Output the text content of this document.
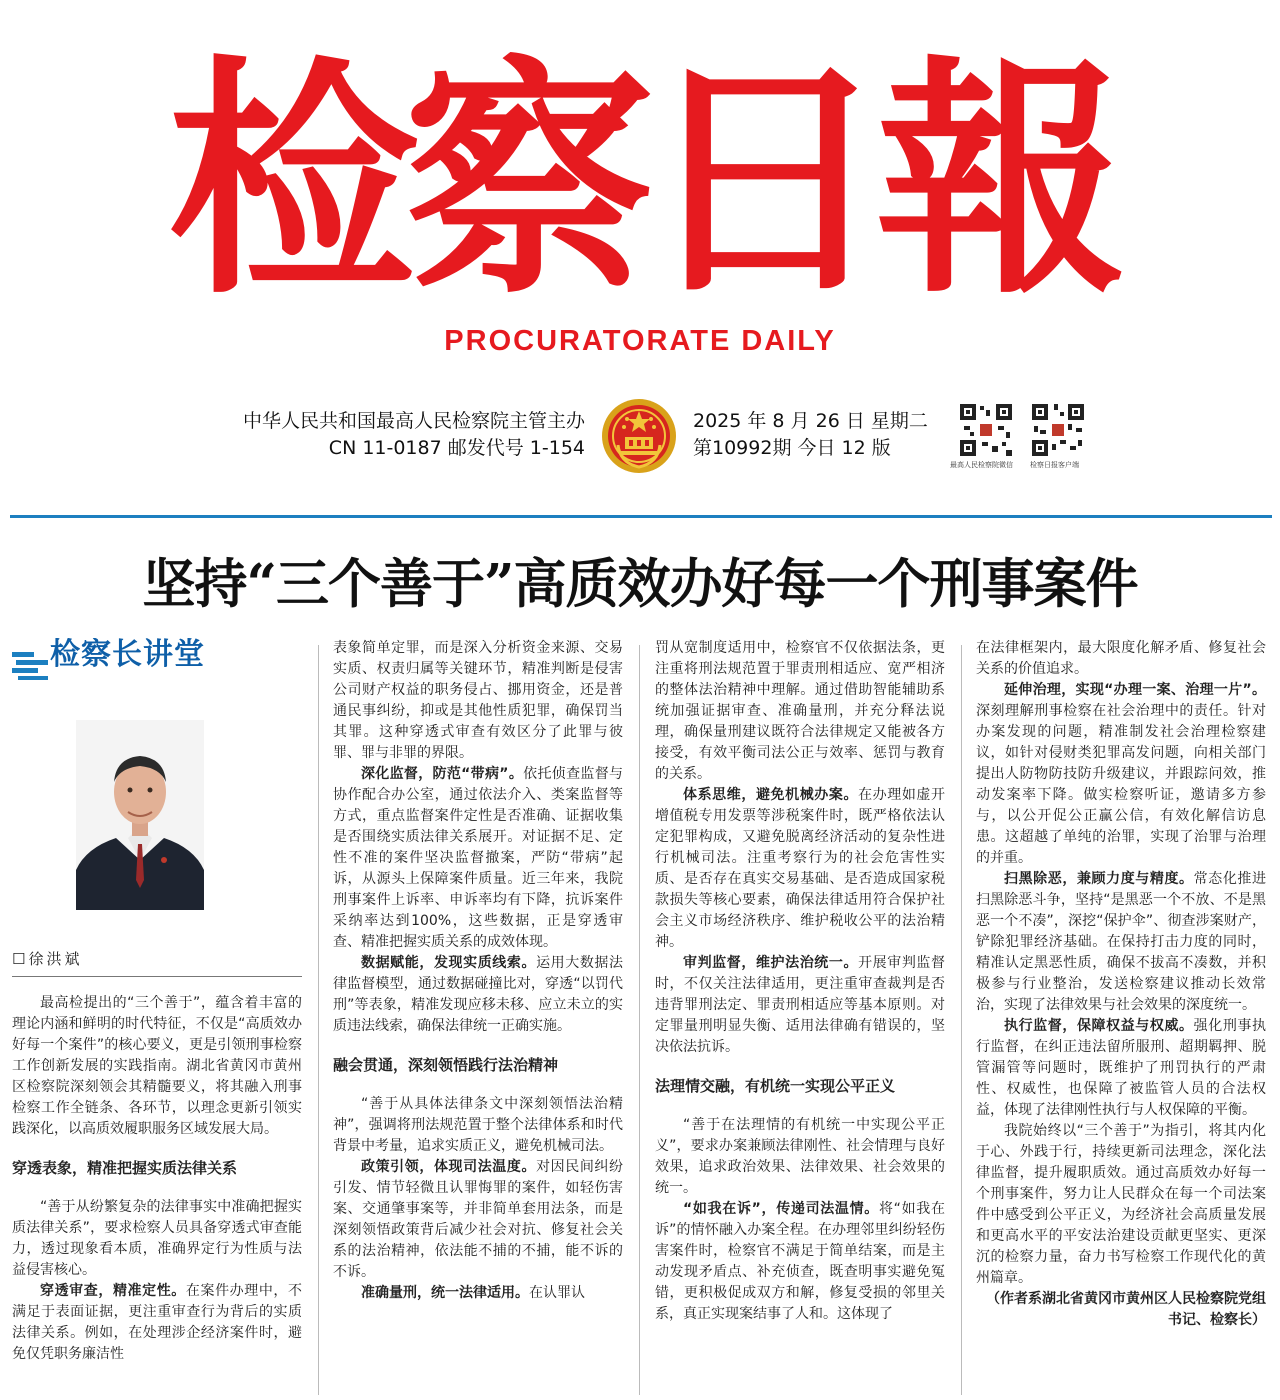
检察日報
PROCURATORATE DAILY
中华人民共和国最高人民检察院主管主办
CN 11-0187 邮发代号 1-154
2025 年 8 月 26 日 星期二
第10992期 今日 12 版
最高人民检察院微信 检察日报客户端
坚持“三个善于”高质效办好每一个刑事案件
检察长讲堂
☐徐洪斌

最高检提出的“三个善于”，蕴含着丰富的理论内涵和鲜明的时代特征，不仅是“高质效办好每一个案件”的核心要义，更是引领刑事检察工作创新发展的实践指南。湖北省黄冈市黄州区检察院深刻领会其精髓要义，将其融入刑事检察工作全链条、各环节，以理念更新引领实践深化，以高质效履职服务区域发展大局。

穿透表象，精准把握实质法律关系

“善于从纷繁复杂的法律事实中准确把握实质法律关系”，要求检察人员具备穿透式审查能力，透过现象看本质，准确界定行为性质与法益侵害核心。

穿透审查，精准定性。在案件办理中，不满足于表面证据，更注重审查行为背后的实质法律关系。例如，在处理涉企经济案件时，避免仅凭职务廉洁性

表象简单定罪，而是深入分析资金来源、交易实质、权责归属等关键环节，精准判断是侵害公司财产权益的职务侵占、挪用资金，还是普通民事纠纷，抑或是其他性质犯罪，确保罚当其罪。这种穿透式审查有效区分了此罪与彼罪、罪与非罪的界限。

深化监督，防范“带病”。依托侦查监督与协作配合办公室，通过依法介入、类案监督等方式，重点监督案件定性是否准确、证据收集是否围绕实质法律关系展开。对证据不足、定性不准的案件坚决监督撤案，严防“带病”起诉，从源头上保障案件质量。近三年来，我院刑事案件上诉率、申诉率均有下降，抗诉案件采纳率达到100%，这些数据，正是穿透审查、精准把握实质关系的成效体现。

数据赋能，发现实质线索。运用大数据法律监督模型，通过数据碰撞比对，穿透“以罚代刑”等表象，精准发现应移未移、应立未立的实质违法线索，确保法律统一正确实施。

融会贯通，深刻领悟践行法治精神

“善于从具体法律条文中深刻领悟法治精神”，强调将刑法规范置于整个法律体系和时代背景中考量，追求实质正义，避免机械司法。

政策引领，体现司法温度。对因民间纠纷引发、情节轻微且认罪悔罪的案件，如轻伤害案、交通肇事案等，并非简单套用法条，而是深刻领悟政策背后减少社会对抗、修复社会关系的法治精神，依法能不捕的不捕，能不诉的不诉。

准确量刑，统一法律适用。在认罪认

罚从宽制度适用中，检察官不仅依据法条，更注重将刑法规范置于罪责刑相适应、宽严相济的整体法治精神中理解。通过借助智能辅助系统加强证据审查、准确量刑，并充分释法说理，确保量刑建议既符合法律规定又能被各方接受，有效平衡司法公正与效率、惩罚与教育的关系。

体系思维，避免机械办案。在办理如虚开增值税专用发票等涉税案件时，既严格依法认定犯罪构成，又避免脱离经济活动的复杂性进行机械司法。注重考察行为的社会危害性实质、是否存在真实交易基础、是否造成国家税款损失等核心要素，确保法律适用符合保护社会主义市场经济秩序、维护税收公平的法治精神。

审判监督，维护法治统一。开展审判监督时，不仅关注法律适用，更注重审查裁判是否违背罪刑法定、罪责刑相适应等基本原则。对定罪量刑明显失衡、适用法律确有错误的，坚决依法抗诉。

法理情交融，有机统一实现公平正义

“善于在法理情的有机统一中实现公平正义”，要求办案兼顾法律刚性、社会情理与良好效果，追求政治效果、法律效果、社会效果的统一。

“如我在诉”，传递司法温情。将“如我在诉”的情怀融入办案全程。在办理邻里纠纷轻伤害案件时，检察官不满足于简单结案，而是主动发现矛盾点、补充侦查，既查明事实避免冤错，更积极促成双方和解，修复受损的邻里关系，真正实现案结事了人和。这体现了

在法律框架内，最大限度化解矛盾、修复社会关系的价值追求。

延伸治理，实现“办理一案、治理一片”。深刻理解刑事检察在社会治理中的责任。针对办案发现的问题，精准制发社会治理检察建议，如针对侵财类犯罪高发问题，向相关部门提出人防物防技防升级建议，并跟踪问效，推动发案率下降。做实检察听证，邀请多方参与，以公开促公正赢公信，有效化解信访息患。这超越了单纯的治罪，实现了治罪与治理的并重。

扫黑除恶，兼顾力度与精度。常态化推进扫黑除恶斗争，坚持“是黑恶一个不放、不是黑恶一个不凑”，深挖“保护伞”、彻查涉案财产，铲除犯罪经济基础。在保持打击力度的同时，精准认定黑恶性质，确保不拔高不凑数，并积极参与行业整治，发送检察建议推动长效常治，实现了法律效果与社会效果的深度统一。

执行监督，保障权益与权威。强化刑事执行监督，在纠正违法留所服刑、超期羁押、脱管漏管等问题时，既维护了刑罚执行的严肃性、权威性，也保障了被监管人员的合法权益，体现了法律刚性执行与人权保障的平衡。

我院始终以“三个善于”为指引，将其内化于心、外践于行，持续更新司法理念，深化法律监督，提升履职质效。通过高质效办好每一个刑事案件，努力让人民群众在每一个司法案件中感受到公平正义，为经济社会高质量发展和更高水平的平安法治建设贡献更坚实、更深沉的检察力量，奋力书写检察工作现代化的黄州篇章。

（作者系湖北省黄冈市黄州区人民检察院党组书记、检察长）
